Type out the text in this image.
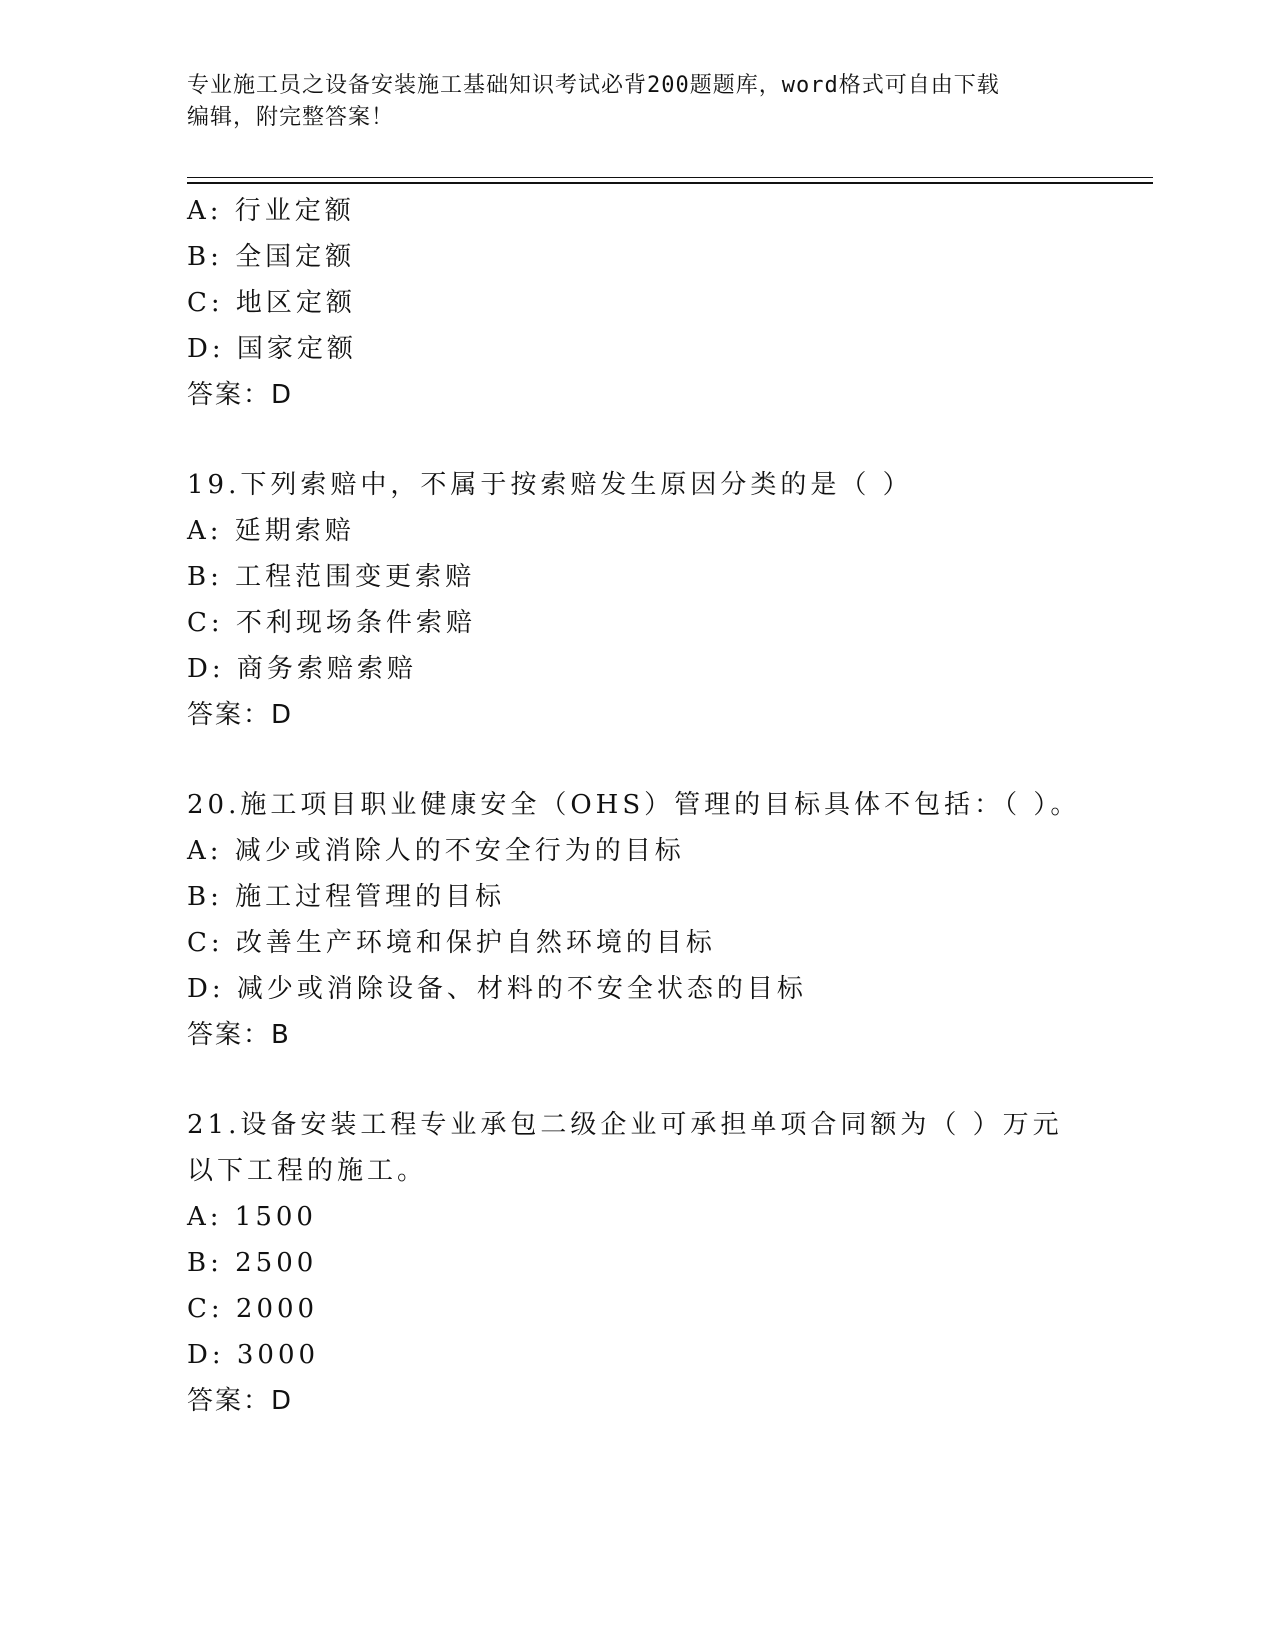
专业施工员之设备安装施工基础知识考试必背200题题库，word格式可自由下载
编辑，附完整答案！
A: 行业定额
B: 全国定额
C: 地区定额
D: 国家定额
答案：D
19.下列索赔中，不属于按索赔发生原因分类的是（ ）
A: 延期索赔
B: 工程范围变更索赔
C: 不利现场条件索赔
D: 商务索赔索赔
答案：D
20.施工项目职业健康安全（OHS）管理的目标具体不包括：（ ）。
A: 减少或消除人的不安全行为的目标
B: 施工过程管理的目标
C: 改善生产环境和保护自然环境的目标
D: 减少或消除设备、材料的不安全状态的目标
答案：B
21.设备安装工程专业承包二级企业可承担单项合同额为（ ）万元以下工程的施工。
A: 1500
B: 2500
C: 2000
D: 3000
答案：D
